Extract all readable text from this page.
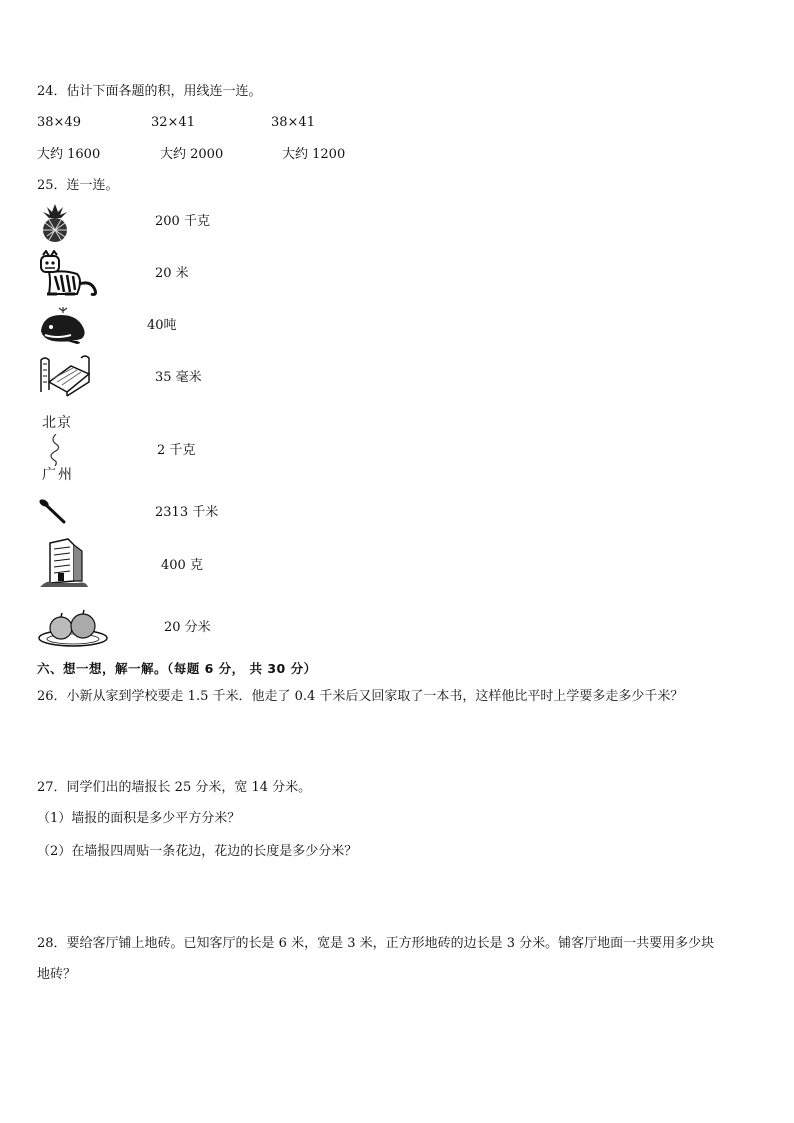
24．估计下面各题的积，用线连一连。
38×49	32×41	38×41
大约 1600	大约 2000	大约 1200
25．连一连。
200 千克
20 米
40吨
35 毫米
北京
广州
2 千克
2313 千米
400 克
20 分米
六、想一想，解一解。（每题 6 分， 共 30 分）
26．小新从家到学校要走 1.5 千米．他走了 0.4 千米后又回家取了一本书，这样他比平时上学要多走多少千米？
27．同学们出的墙报长 25 分米，宽 14 分米。
（1）墙报的面积是多少平方分米？
（2）在墙报四周贴一条花边，花边的长度是多少分米？
28．要给客厅铺上地砖。已知客厅的长是 6 米，宽是 3 米，正方形地砖的边长是 3 分米。铺客厅地面一共要用多少块
地砖？
